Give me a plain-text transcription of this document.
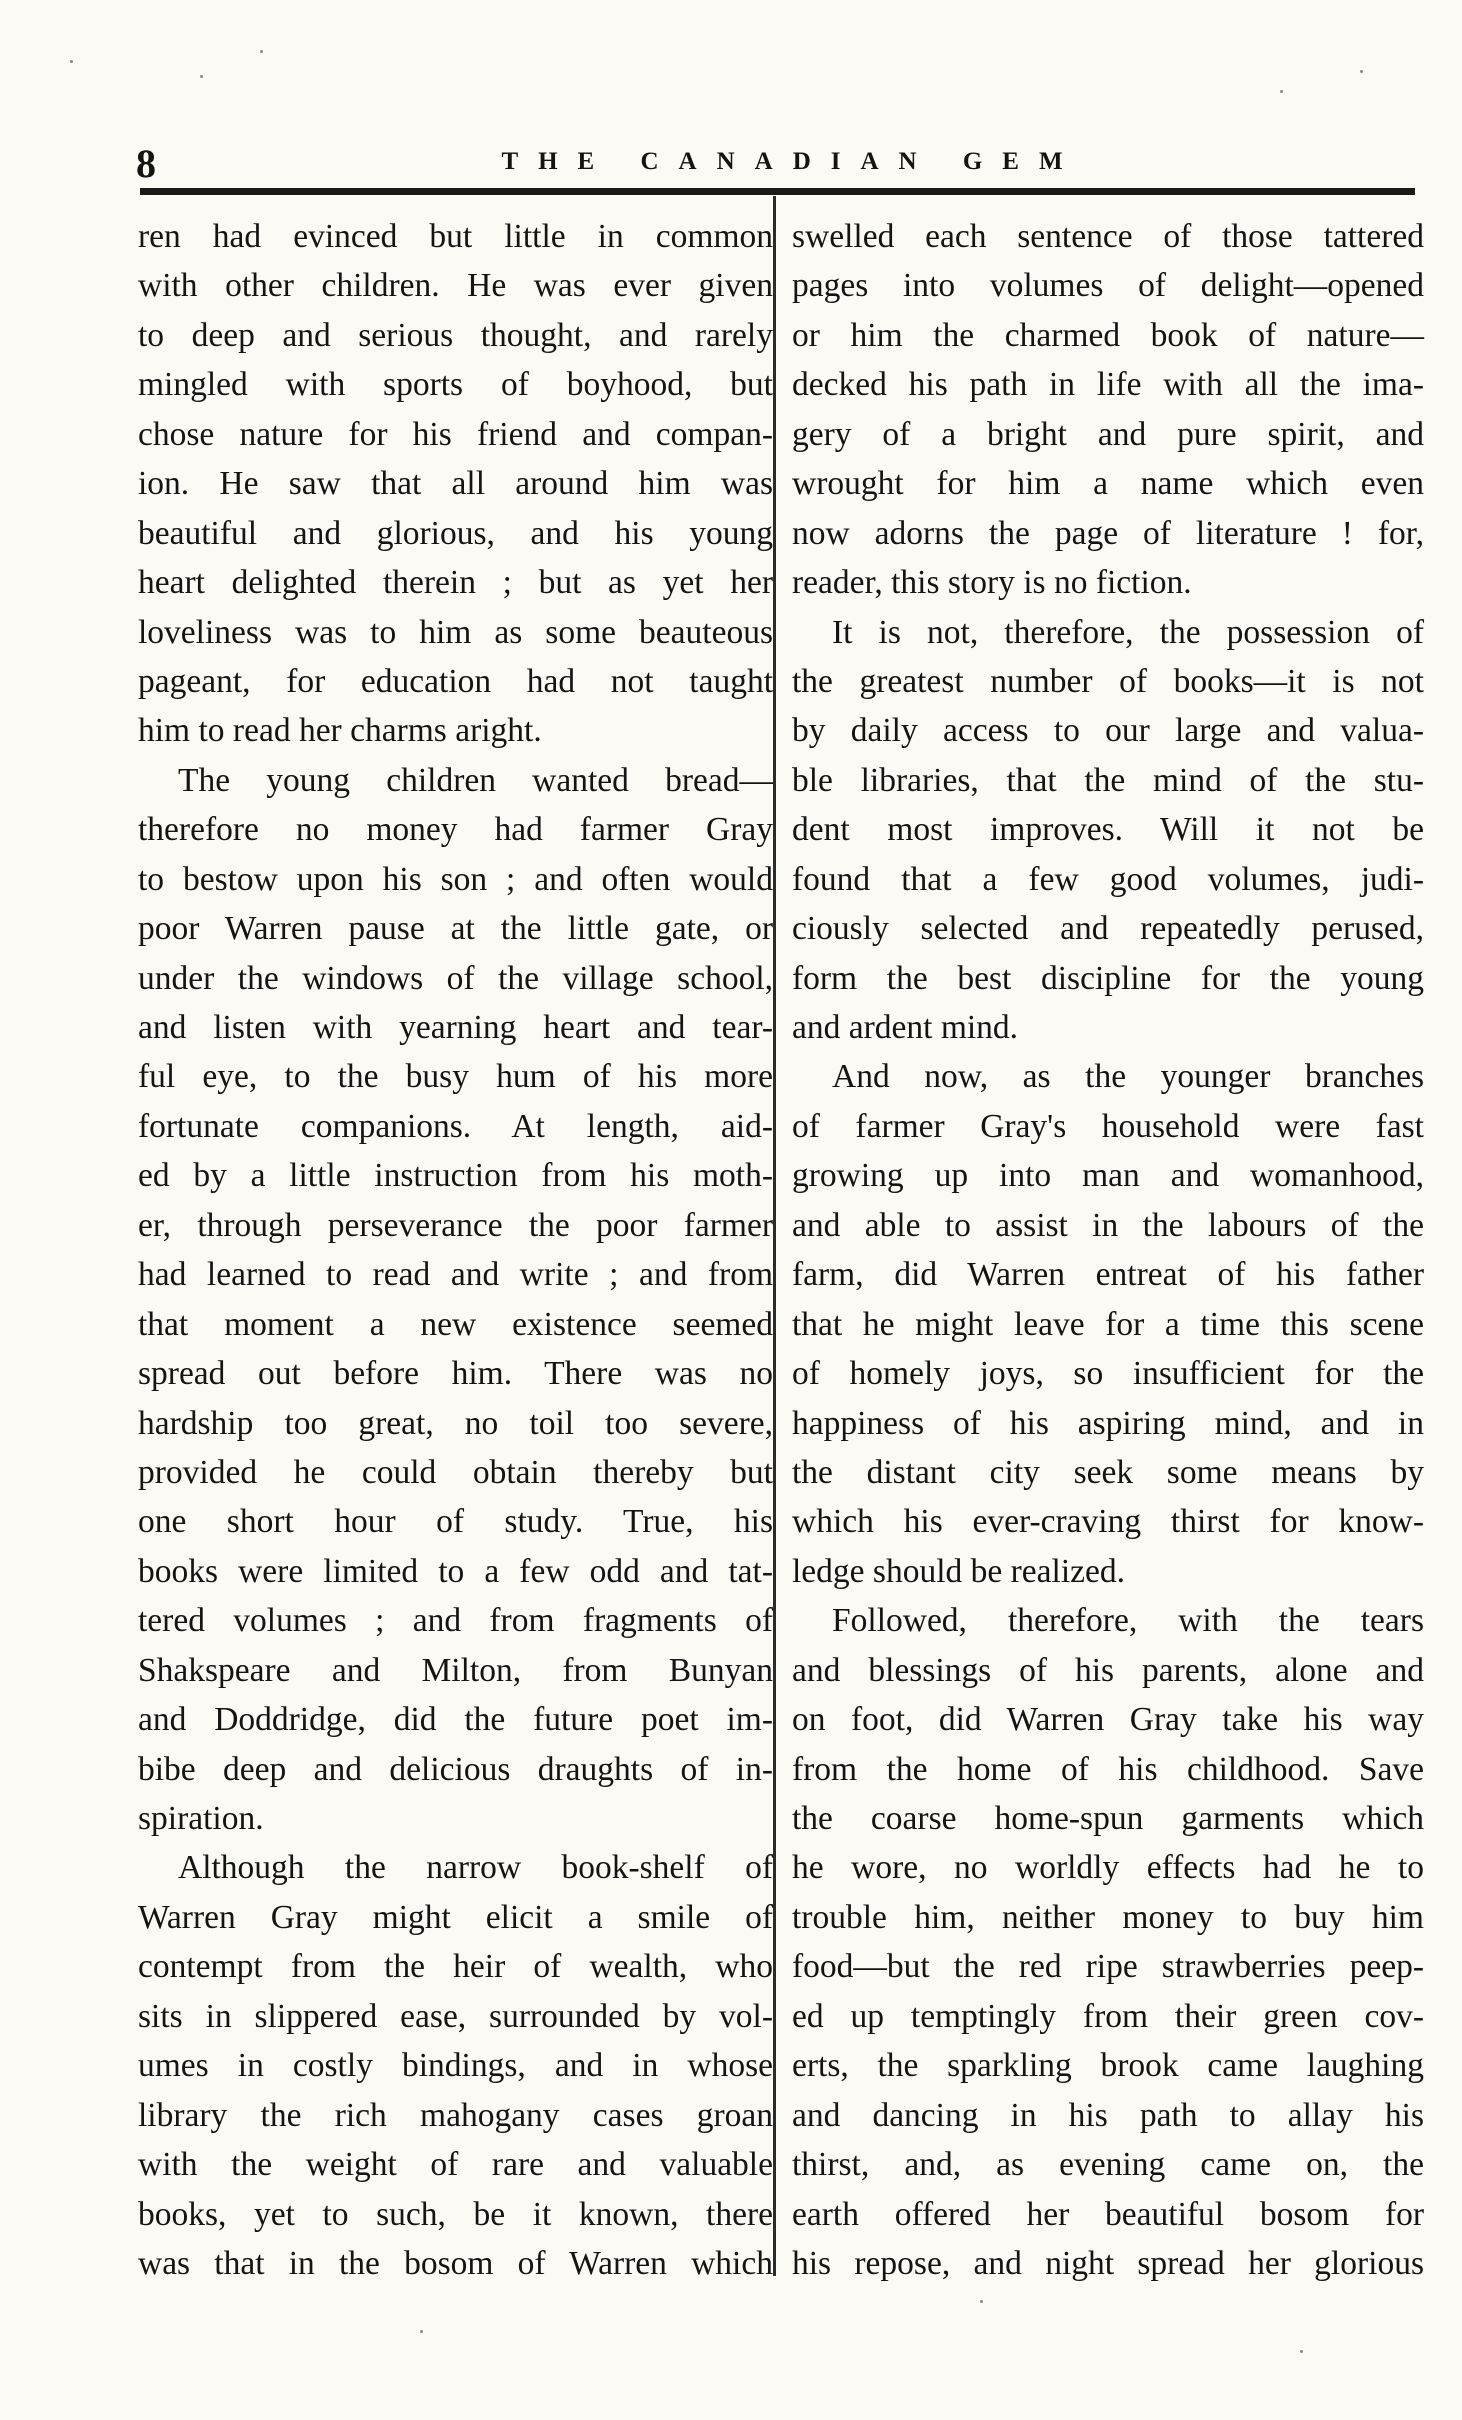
8	THE CANADIAN GEM
ren had evinced but little in common
with other children. He was ever given
to deep and serious thought, and rarely
mingled with sports of boyhood, but
chose nature for his friend and compan-
ion. He saw that all around him was
beautiful and glorious, and his young
heart delighted therein ; but as yet her
loveliness was to him as some beauteous
pageant, for education had not taught
him to read her charms aright.
The young children wanted bread—
therefore no money had farmer Gray
to bestow upon his son ; and often would
poor Warren pause at the little gate, or
under the windows of the village school,
and listen with yearning heart and tear-
ful eye, to the busy hum of his more
fortunate companions. At length, aid-
ed by a little instruction from his moth-
er, through perseverance the poor farmer
had learned to read and write ; and from
that moment a new existence seemed
spread out before him. There was no
hardship too great, no toil too severe,
provided he could obtain thereby but
one short hour of study. True, his
books were limited to a few odd and tat-
tered volumes ; and from fragments of
Shakspeare and Milton, from Bunyan
and Doddridge, did the future poet im-
bibe deep and delicious draughts of in-
spiration.
Although the narrow book-shelf of
Warren Gray might elicit a smile of
contempt from the heir of wealth, who
sits in slippered ease, surrounded by vol-
umes in costly bindings, and in whose
library the rich mahogany cases groan
with the weight of rare and valuable
books, yet to such, be it known, there
was that in the bosom of Warren which
swelled each sentence of those tattered
pages into volumes of delight—opened
or him the charmed book of nature—
decked his path in life with all the ima-
gery of a bright and pure spirit, and
wrought for him a name which even
now adorns the page of literature ! for,
reader, this story is no fiction.
It is not, therefore, the possession of
the greatest number of books—it is not
by daily access to our large and valua-
ble libraries, that the mind of the stu-
dent most improves. Will it not be
found that a few good volumes, judi-
ciously selected and repeatedly perused,
form the best discipline for the young
and ardent mind.
And now, as the younger branches
of farmer Gray's household were fast
growing up into man and womanhood,
and able to assist in the labours of the
farm, did Warren entreat of his father
that he might leave for a time this scene
of homely joys, so insufficient for the
happiness of his aspiring mind, and in
the distant city seek some means by
which his ever-craving thirst for know-
ledge should be realized.
Followed, therefore, with the tears
and blessings of his parents, alone and
on foot, did Warren Gray take his way
from the home of his childhood. Save
the coarse home-spun garments which
he wore, no worldly effects had he to
trouble him, neither money to buy him
food—but the red ripe strawberries peep-
ed up temptingly from their green cov-
erts, the sparkling brook came laughing
and dancing in his path to allay his
thirst, and, as evening came on, the
earth offered her beautiful bosom for
his repose, and night spread her glorious
